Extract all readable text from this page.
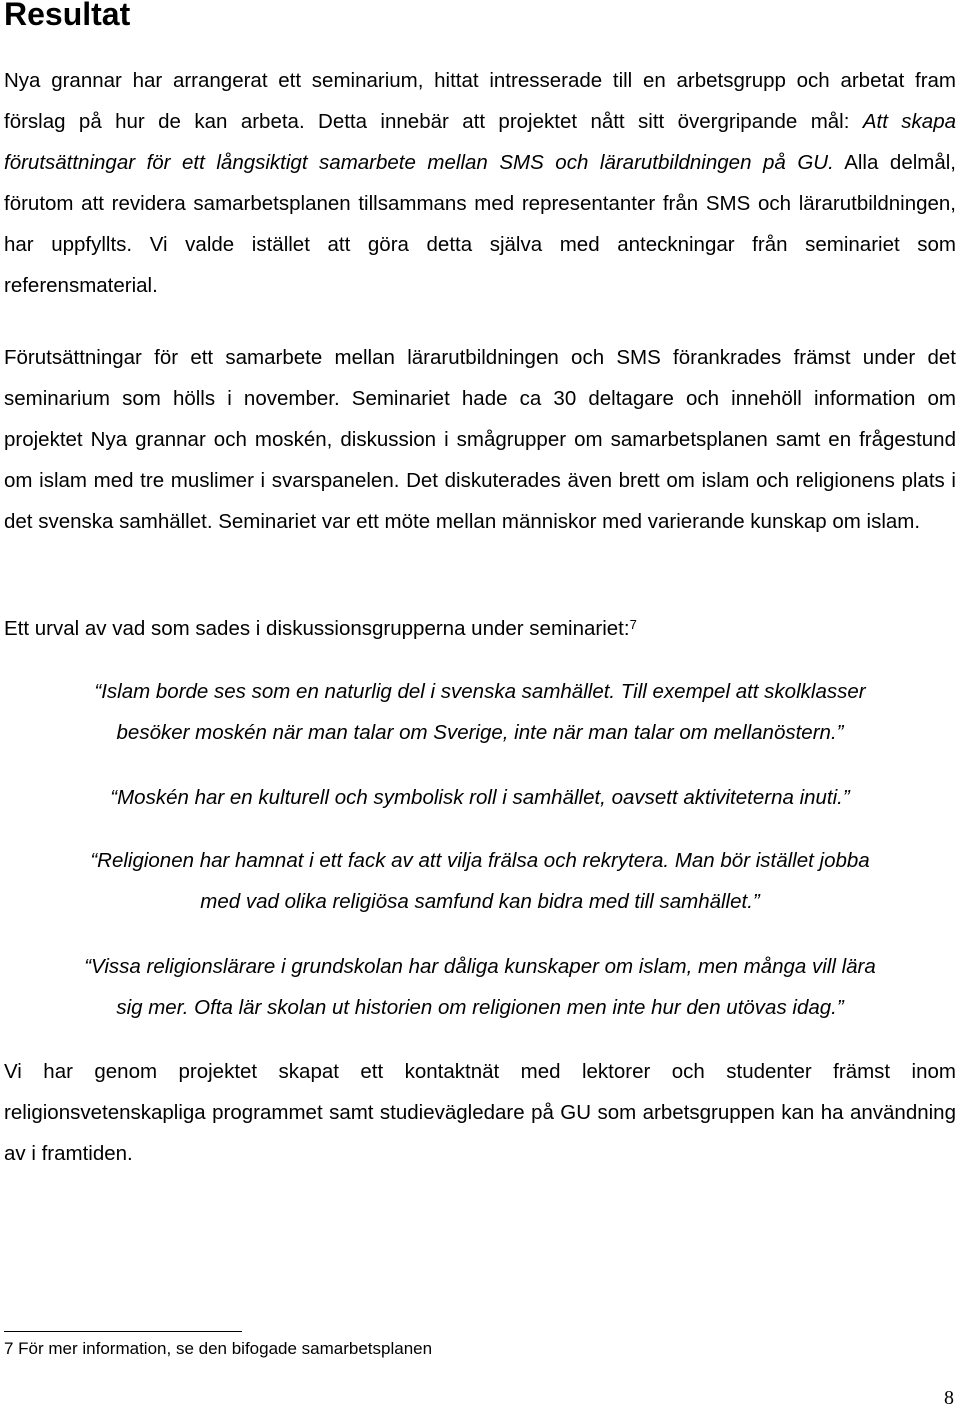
Resultat

Nya grannar har arrangerat ett seminarium, hittat intresserade till en arbetsgrupp och arbetat fram förslag på hur de kan arbeta. Detta innebär att projektet nått sitt övergripande mål: Att skapa förutsättningar för ett långsiktigt samarbete mellan SMS och lärarutbildningen på GU. Alla delmål, förutom att revidera samarbetsplanen tillsammans med representanter från SMS och lärarutbildningen, har uppfyllts. Vi valde istället att göra detta själva med anteckningar från seminariet som referensmaterial.

Förutsättningar för ett samarbete mellan lärarutbildningen och SMS förankrades främst under det seminarium som hölls i november. Seminariet hade ca 30 deltagare och innehöll information om projektet Nya grannar och moskén, diskussion i smågrupper om samarbetsplanen samt en frågestund om islam med tre muslimer i svarspanelen. Det diskuterades även brett om islam och religionens plats i det svenska samhället. Seminariet var ett möte mellan människor med varierande kunskap om islam.

Ett urval av vad som sades i diskussionsgrupperna under seminariet:$^7$

“Islam borde ses som en naturlig del i svenska samhället. Till exempel att skolklasser
besöker moskén när man talar om Sverige, inte när man talar om mellanöstern.”
“Moskén har en kulturell och symbolisk roll i samhället, oavsett aktiviteterna inuti.”
“Religionen har hamnat i ett fack av att vilja frälsa och rekrytera. Man bör istället jobba
med vad olika religiösa samfund kan bidra med till samhället.”
“Vissa religionslärare i grundskolan har dåliga kunskaper om islam, men många vill lära
sig mer. Ofta lär skolan ut historien om religionen men inte hur den utövas idag.”

Vi har genom projektet skapat ett kontaktnät med lektorer och studenter främst inom religionsvetenskapliga programmet samt studievägledare på GU som arbetsgruppen kan ha användning av i framtiden.

7 För mer information, se den bifogade samarbetsplanen

8
